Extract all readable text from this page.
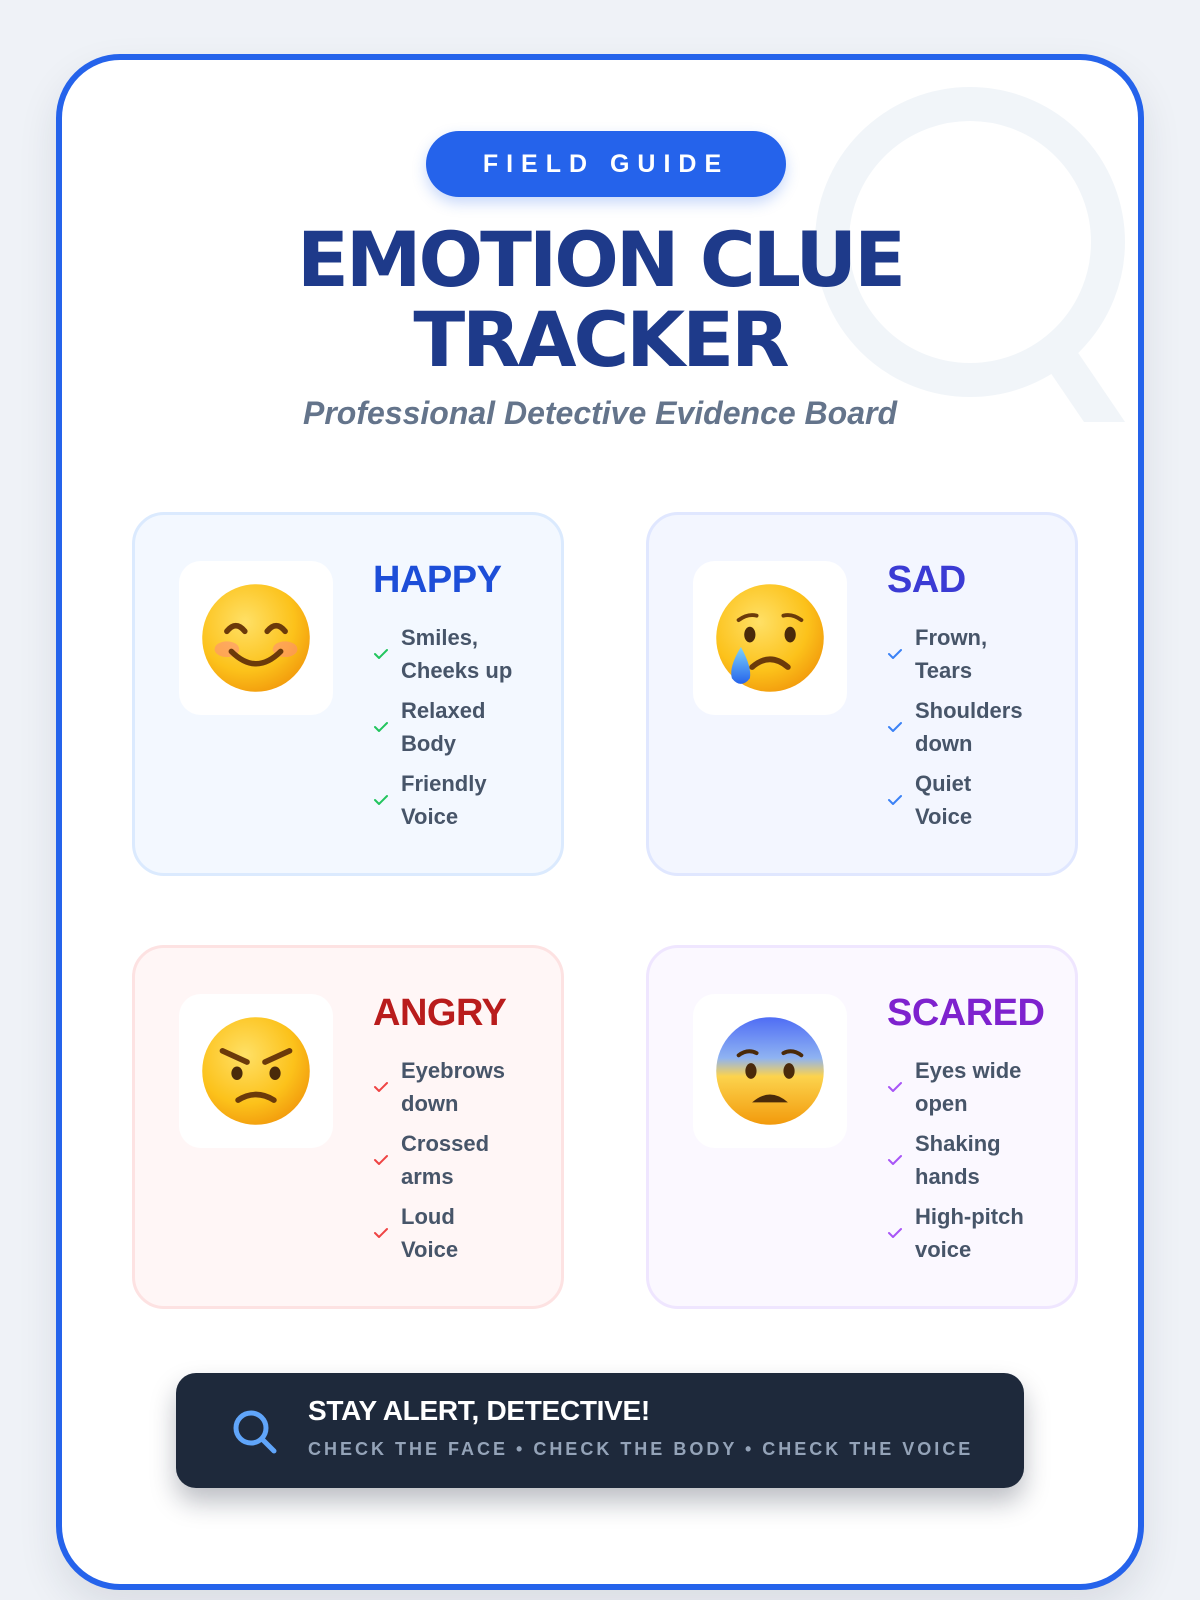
FIELD GUIDE
EMOTION CLUE
TRACKER
Professional Detective Evidence Board
HAPPY
Smiles,
Cheeks up
Relaxed
Body
Friendly
Voice
SAD
Frown,
Tears
Shoulders
down
Quiet
Voice
ANGRY
Eyebrows
down
Crossed
arms
Loud
Voice
SCARED
Eyes wide
open
Shaking
hands
High-pitch
voice
STAY ALERT, DETECTIVE!
CHECK THE FACE • CHECK THE BODY • CHECK THE VOICE
